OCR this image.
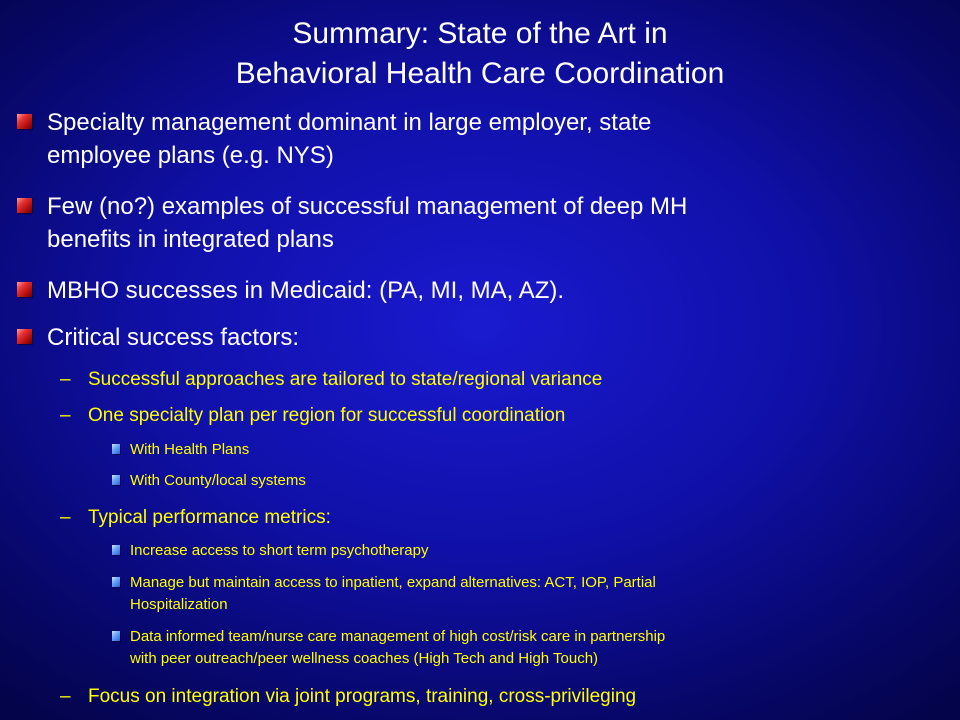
Summary: State of the Art in
Behavioral Health Care Coordination
Specialty management dominant in large employer, state
employee plans (e.g. NYS)
Few (no?) examples of successful management of deep MH
benefits in integrated plans
MBHO successes in Medicaid: (PA, MI, MA, AZ).
Critical success factors:
– Successful approaches are tailored to state/regional variance
– One specialty plan per region for successful coordination
With Health Plans
With County/local systems
– Typical performance metrics:
Increase access to short term psychotherapy
Manage but maintain access to inpatient, expand alternatives: ACT, IOP, Partial
Hospitalization
Data informed team/nurse care management of high cost/risk care in partnership
with peer outreach/peer wellness coaches (High Tech and High Touch)
– Focus on integration via joint programs, training, cross-privileging
